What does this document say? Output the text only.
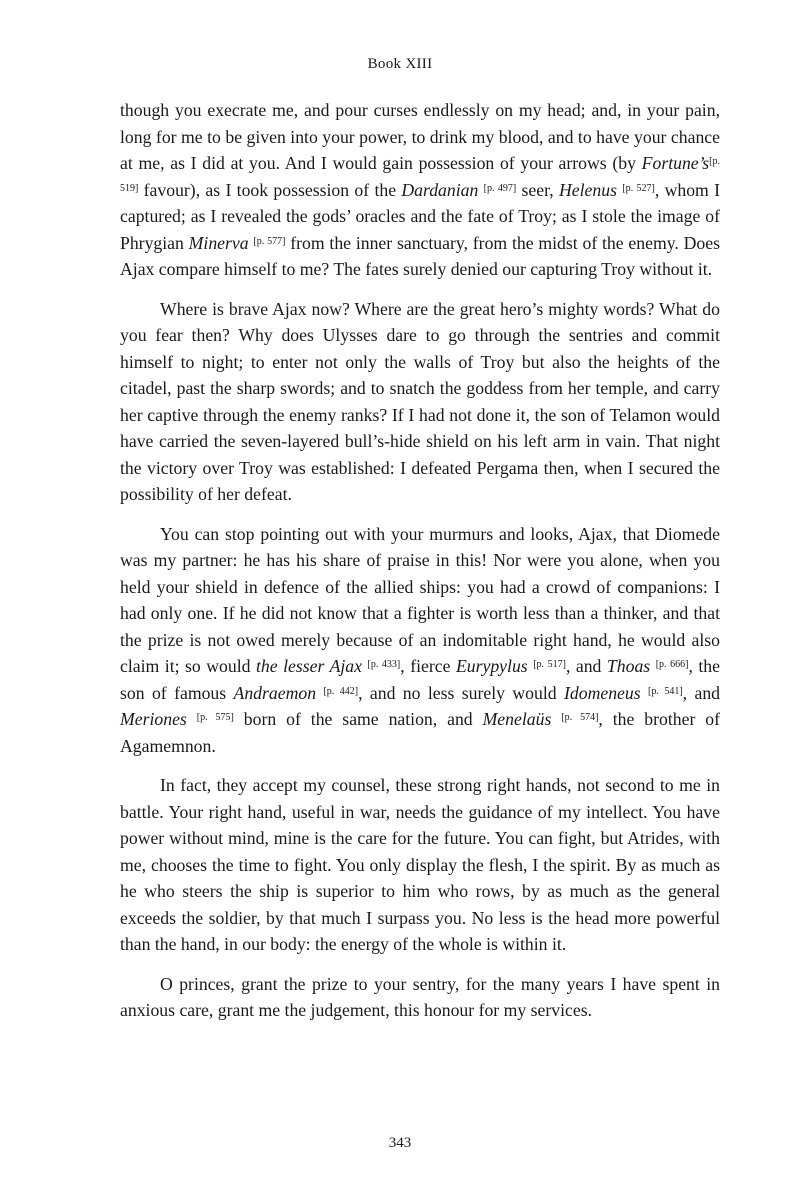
Book XIII

though you execrate me, and pour curses endlessly on my head; and, in your pain, long for me to be given into your power, to drink my blood, and to have your chance at me, as I did at you. And I would gain possession of your arrows (by Fortune’s[p. 519] favour), as I took possession of the Dardanian [p. 497] seer, Helenus [p. 527], whom I captured; as I revealed the gods’ oracles and the fate of Troy; as I stole the image of Phrygian Minerva [p. 577] from the inner sanctuary, from the midst of the enemy. Does Ajax compare himself to me? The fates surely denied our capturing Troy without it.

Where is brave Ajax now? Where are the great hero’s mighty words? What do you fear then? Why does Ulysses dare to go through the sentries and commit himself to night; to enter not only the walls of Troy but also the heights of the citadel, past the sharp swords; and to snatch the goddess from her temple, and carry her captive through the enemy ranks? If I had not done it, the son of Telamon would have carried the seven-layered bull’s-hide shield on his left arm in vain. That night the victory over Troy was established: I defeated Pergama then, when I secured the possibility of her defeat.

You can stop pointing out with your murmurs and looks, Ajax, that Diomede was my partner: he has his share of praise in this! Nor were you alone, when you held your shield in defence of the allied ships: you had a crowd of companions: I had only one. If he did not know that a fighter is worth less than a thinker, and that the prize is not owed merely because of an indomitable right hand, he would also claim it; so would the lesser Ajax [p. 433], fierce Eurypylus [p. 517], and Thoas [p. 666], the son of famous Andraemon [p. 442], and no less surely would Idomeneus [p. 541], and Meriones [p. 575] born of the same nation, and Menelaüs [p. 574], the brother of Agamemnon.

In fact, they accept my counsel, these strong right hands, not second to me in battle. Your right hand, useful in war, needs the guidance of my intellect. You have power without mind, mine is the care for the future. You can fight, but Atrides, with me, chooses the time to fight. You only display the flesh, I the spirit. By as much as he who steers the ship is superior to him who rows, by as much as the general exceeds the soldier, by that much I surpass you. No less is the head more powerful than the hand, in our body: the energy of the whole is within it.

O princes, grant the prize to your sentry, for the many years I have spent in anxious care, grant me the judgement, this honour for my services.

343
